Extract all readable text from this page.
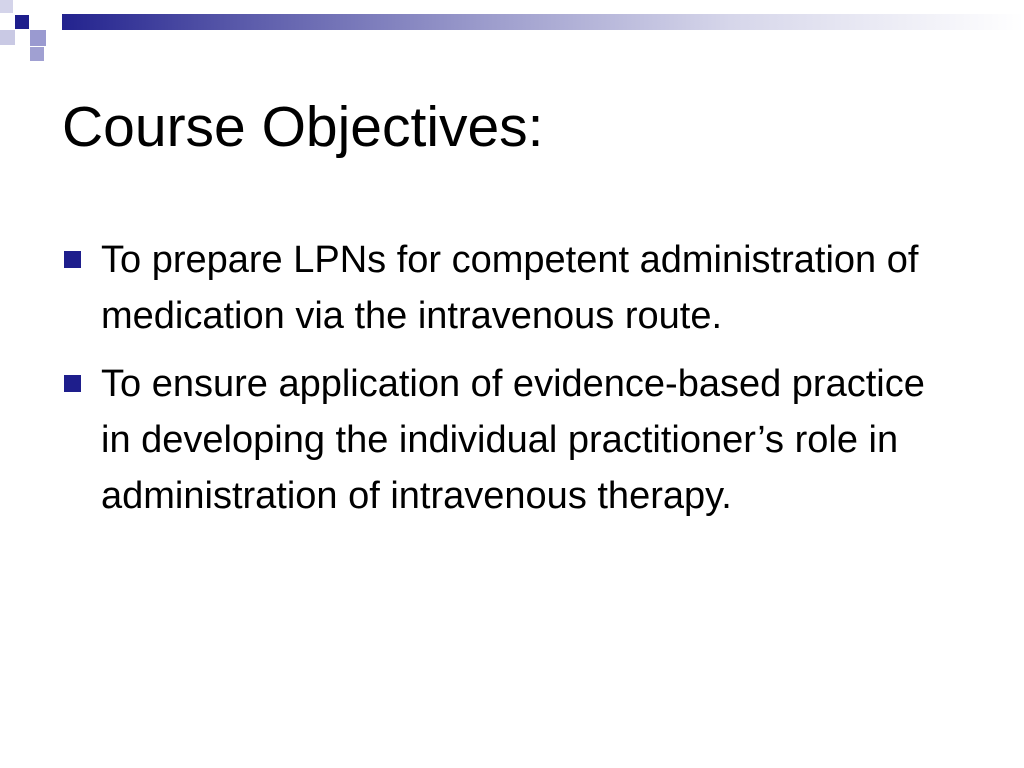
Course Objectives:
To prepare LPNs for competent administration of medication via the intravenous route.
To ensure application of evidence-based practice in developing the individual practitioner’s role in administration of intravenous therapy.
